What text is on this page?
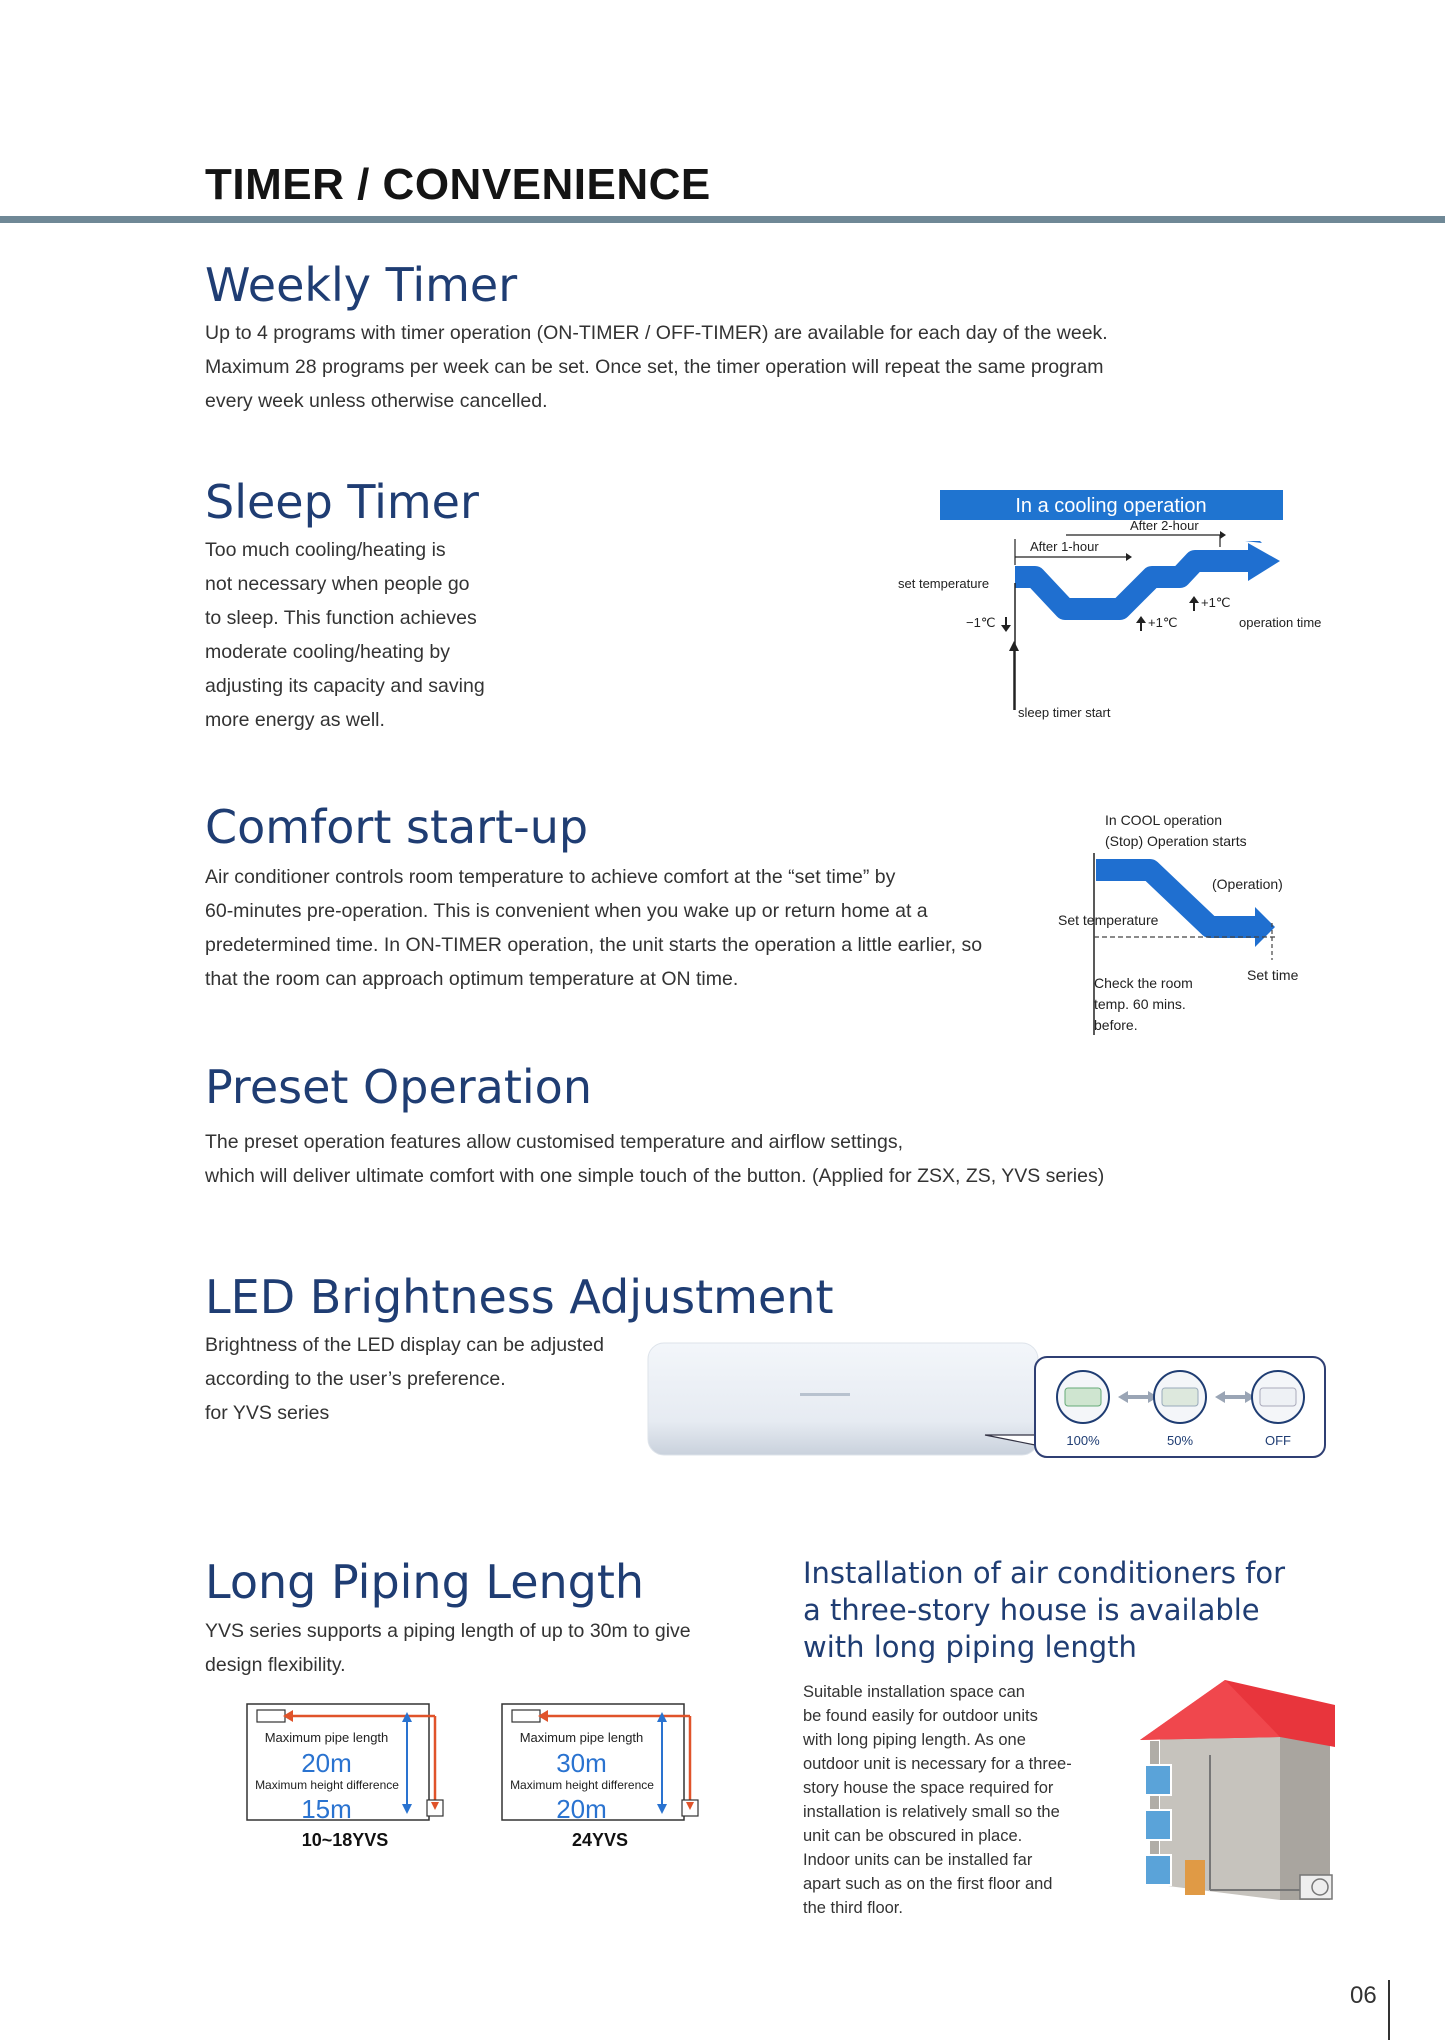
TIMER / CONVENIENCE
Weekly Timer
Up to 4 programs with timer operation (ON-TIMER / OFF-TIMER) are available for each day of the week.
Maximum 28 programs per week can be set. Once set, the timer operation will repeat the same program
every week unless otherwise cancelled.
Sleep Timer
Too much cooling/heating is
not necessary when people go
to sleep. This function achieves
moderate cooling/heating by
adjusting its capacity and saving
more energy as well.
In a cooling operation
After 1-hour
After 2-hour
set temperature
−1℃	+1℃
+1℃
operation time
sleep timer start
Comfort start-up
Air conditioner controls room temperature to achieve comfort at the “set time” by
60-minutes pre-operation. This is convenient when you wake up or return home at a
predetermined time. In ON-TIMER operation, the unit starts the operation a little earlier, so
that the room can approach optimum temperature at ON time.
In COOL operation
(Stop) Operation starts
(Operation)
Set temperature
Set time
Check the room
temp. 60 mins.
before.
Preset Operation
The preset operation features allow customised temperature and airflow settings,
which will deliver ultimate comfort with one simple touch of the button. (Applied for ZSX, ZS, YVS series)
LED Brightness Adjustment
Brightness of the LED display can be adjusted
according to the user’s preference.
for YVS series
100%	50%	OFF
Long Piping Length
YVS series supports a piping length of up to 30m to give
design flexibility.
Maximum pipe length
20m
Maximum height difference
15m
10~18YVS
Maximum pipe length
30m
Maximum height difference
20m
24YVS
Installation of air conditioners for
a three-story house is available
with long piping length
Suitable installation space can
be found easily for outdoor units
with long piping length. As one
outdoor unit is necessary for a three-
story house the space required for
installation is relatively small so the
unit can be obscured in place.
Indoor units can be installed far
apart such as on the first floor and
the third floor.
06
